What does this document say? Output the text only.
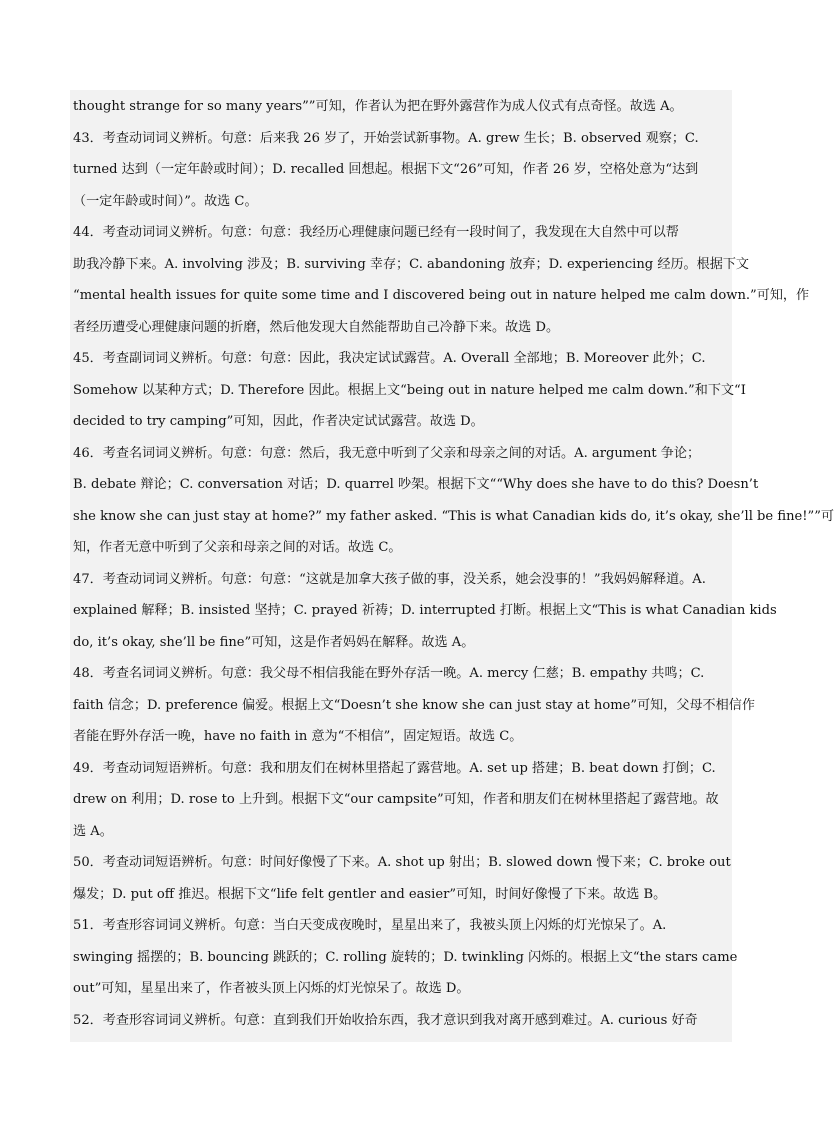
thought strange for so many years””可知，作者认为把在野外露营作为成人仪式有点奇怪。故选 A。
43．考查动词词义辨析。句意：后来我 26 岁了，开始尝试新事物。A. grew 生长；B. observed 观察；C.
turned 达到（一定年龄或时间）；D. recalled 回想起。根据下文“26”可知，作者 26 岁，空格处意为“达到
（一定年龄或时间）”。故选 C。
44．考查动词词义辨析。句意：句意：我经历心理健康问题已经有一段时间了，我发现在大自然中可以帮
助我冷静下来。A. involving 涉及；B. surviving 幸存；C. abandoning 放弃；D. experiencing 经历。根据下文
“mental health issues for quite some time and I discovered being out in nature helped me calm down.”可知，作
者经历遭受心理健康问题的折磨，然后他发现大自然能帮助自己冷静下来。故选 D。
45．考查副词词义辨析。句意：句意：因此，我决定试试露营。A. Overall 全部地；B. Moreover 此外；C.
Somehow 以某种方式；D. Therefore 因此。根据上文“being out in nature helped me calm down.”和下文“I
decided to try camping”可知，因此，作者决定试试露营。故选 D。
46．考查名词词义辨析。句意：句意：然后，我无意中听到了父亲和母亲之间的对话。A. argument 争论；
B. debate 辩论；C. conversation 对话；D. quarrel 吵架。根据下文““Why does she have to do this? Doesn’t
she know she can just stay at home?” my father asked. “This is what Canadian kids do, it’s okay, she’ll be fine!””可
知，作者无意中听到了父亲和母亲之间的对话。故选 C。
47．考查动词词义辨析。句意：句意：“这就是加拿大孩子做的事，没关系，她会没事的！”我妈妈解释道。A.
explained 解释；B. insisted 坚持；C. prayed 祈祷；D. interrupted 打断。根据上文“This is what Canadian kids
do, it’s okay, she’ll be fine”可知，这是作者妈妈在解释。故选 A。
48．考查名词词义辨析。句意：我父母不相信我能在野外存活一晚。A. mercy 仁慈；B. empathy 共鸣；C.
faith 信念；D. preference 偏爱。根据上文“Doesn’t she know she can just stay at home”可知，父母不相信作
者能在野外存活一晚，have no faith in 意为“不相信”，固定短语。故选 C。
49．考查动词短语辨析。句意：我和朋友们在树林里搭起了露营地。A. set up 搭建；B. beat down 打倒；C.
drew on 利用；D. rose to 上升到。根据下文“our campsite”可知，作者和朋友们在树林里搭起了露营地。故
选 A。
50．考查动词短语辨析。句意：时间好像慢了下来。A. shot up 射出；B. slowed down 慢下来；C. broke out
爆发；D. put off 推迟。根据下文“life felt gentler and easier”可知，时间好像慢了下来。故选 B。
51．考查形容词词义辨析。句意：当白天变成夜晚时，星星出来了，我被头顶上闪烁的灯光惊呆了。A.
swinging 摇摆的；B. bouncing 跳跃的；C. rolling 旋转的；D. twinkling 闪烁的。根据上文“the stars came
out”可知，星星出来了，作者被头顶上闪烁的灯光惊呆了。故选 D。
52．考查形容词词义辨析。句意：直到我们开始收拾东西，我才意识到我对离开感到难过。A. curious 好奇
